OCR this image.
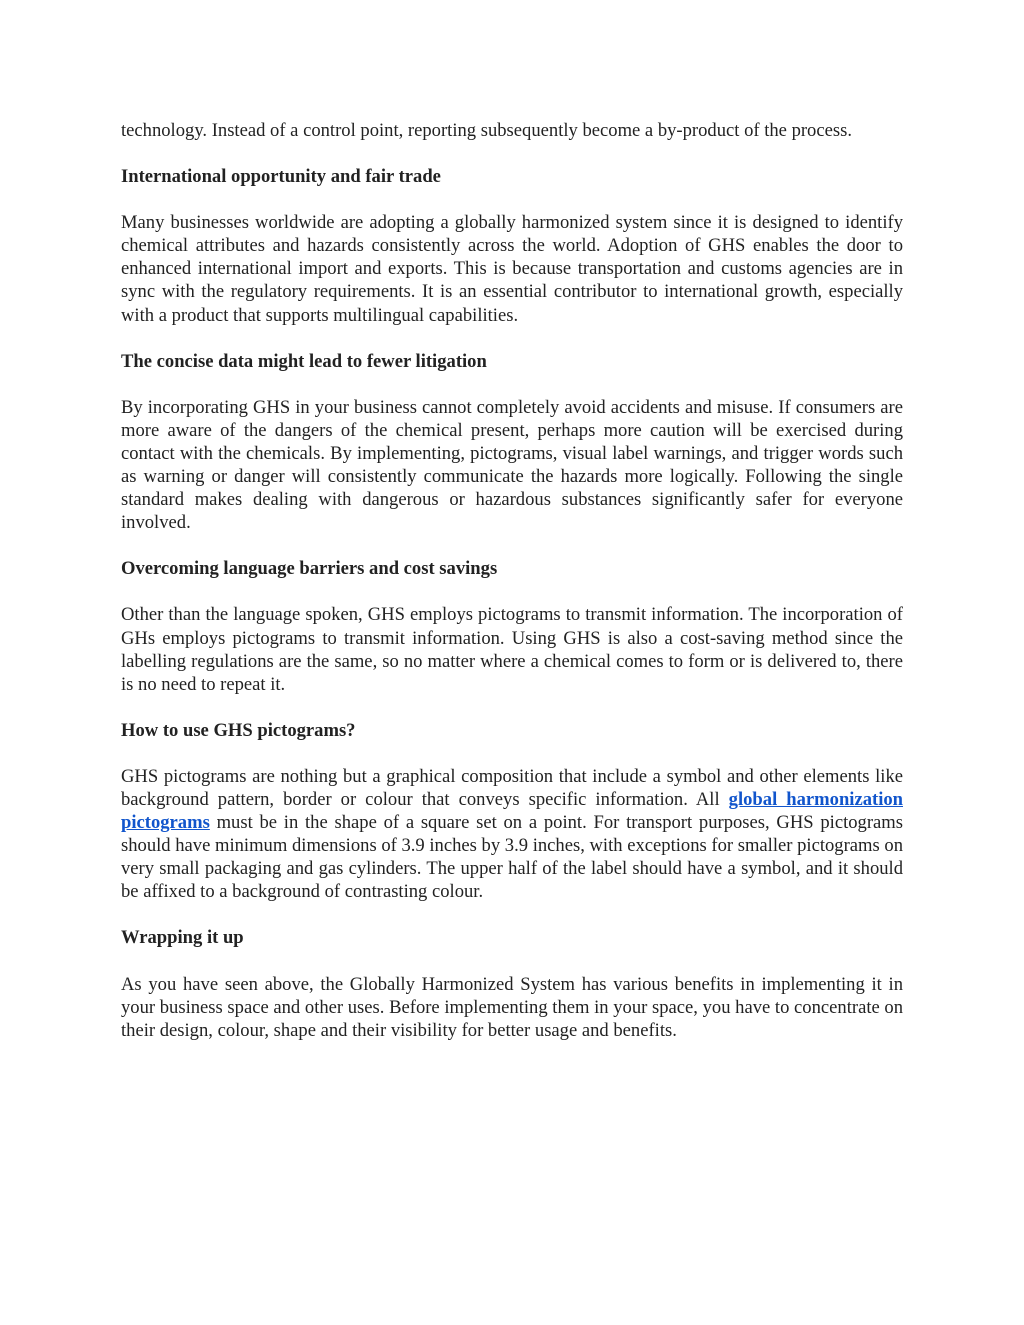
technology. Instead of a control point, reporting subsequently become a by-product of the process.

International opportunity and fair trade

Many businesses worldwide are adopting a globally harmonized system since it is designed to identify chemical attributes and hazards consistently across the world. Adoption of GHS enables the door to enhanced international import and exports. This is because transportation and customs agencies are in sync with the regulatory requirements. It is an essential contributor to international growth, especially with a product that supports multilingual capabilities.

The concise data might lead to fewer litigation

By incorporating GHS in your business cannot completely avoid accidents and misuse. If consumers are more aware of the dangers of the chemical present, perhaps more caution will be exercised during contact with the chemicals. By implementing, pictograms, visual label warnings, and trigger words such as warning or danger will consistently communicate the hazards more logically. Following the single standard makes dealing with dangerous or hazardous substances significantly safer for everyone involved.

Overcoming language barriers and cost savings

Other than the language spoken, GHS employs pictograms to transmit information. The incorporation of GHs employs pictograms to transmit information. Using GHS is also a cost-saving method since the labelling regulations are the same, so no matter where a chemical comes to form or is delivered to, there is no need to repeat it.

How to use GHS pictograms?

GHS pictograms are nothing but a graphical composition that include a symbol and other elements like background pattern, border or colour that conveys specific information. All global harmonization pictograms must be in the shape of a square set on a point. For transport purposes, GHS pictograms should have minimum dimensions of 3.9 inches by 3.9 inches, with exceptions for smaller pictograms on very small packaging and gas cylinders. The upper half of the label should have a symbol, and it should be affixed to a background of contrasting colour.

Wrapping it up

As you have seen above, the Globally Harmonized System has various benefits in implementing it in your business space and other uses. Before implementing them in your space, you have to concentrate on their design, colour, shape and their visibility for better usage and benefits.
